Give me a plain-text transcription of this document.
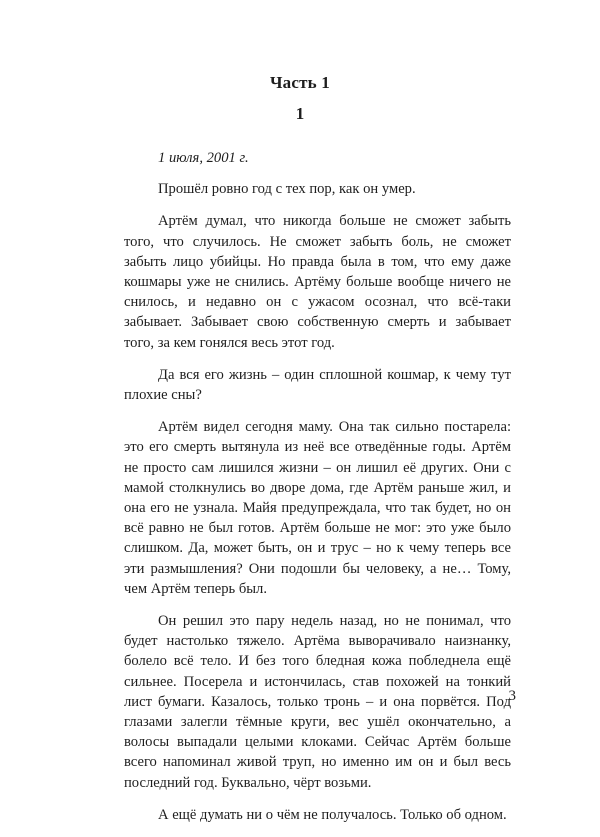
Часть 1
1

1 июля, 2001 г.

Прошёл ровно год с тех пор, как он умер.

Артём думал, что никогда больше не сможет забыть того, что случилось. Не сможет забыть боль, не сможет забыть лицо убийцы. Но правда была в том, что ему даже кошмары уже не снились. Артёму больше вообще ничего не снилось, и недавно он с ужасом осознал, что всё-таки забывает. Забывает свою собственную смерть и забывает того, за кем гонялся весь этот год.

Да вся его жизнь – один сплошной кошмар, к чему тут плохие сны?

Артём видел сегодня маму. Она так сильно постарела: это его смерть вытянула из неё все отведённые годы. Артём не просто сам лишился жизни – он лишил её других. Они с мамой столкнулись во дворе дома, где Артём раньше жил, и она его не узнала. Майя предупреждала, что так будет, но он всё равно не был готов. Артём больше не мог: это уже было слишком. Да, может быть, он и трус – но к чему теперь все эти размышления? Они подошли бы человеку, а не… Тому, чем Артём теперь был.

Он решил это пару недель назад, но не понимал, что будет настолько тяжело. Артёма выворачивало наизнанку, болело всё тело. И без того бледная кожа побледнела ещё сильнее. Посерела и истончилась, став похожей на тонкий лист бумаги. Казалось, только тронь – и она порвётся. Под глазами залегли тёмные круги, вес ушёл окончательно, а волосы выпадали целыми клоками. Сейчас Артём больше всего напоминал живой труп, но именно им он и был весь последний год. Буквально, чёрт возьми.

А ещё думать ни о чём не получалось. Только об одном.

3
